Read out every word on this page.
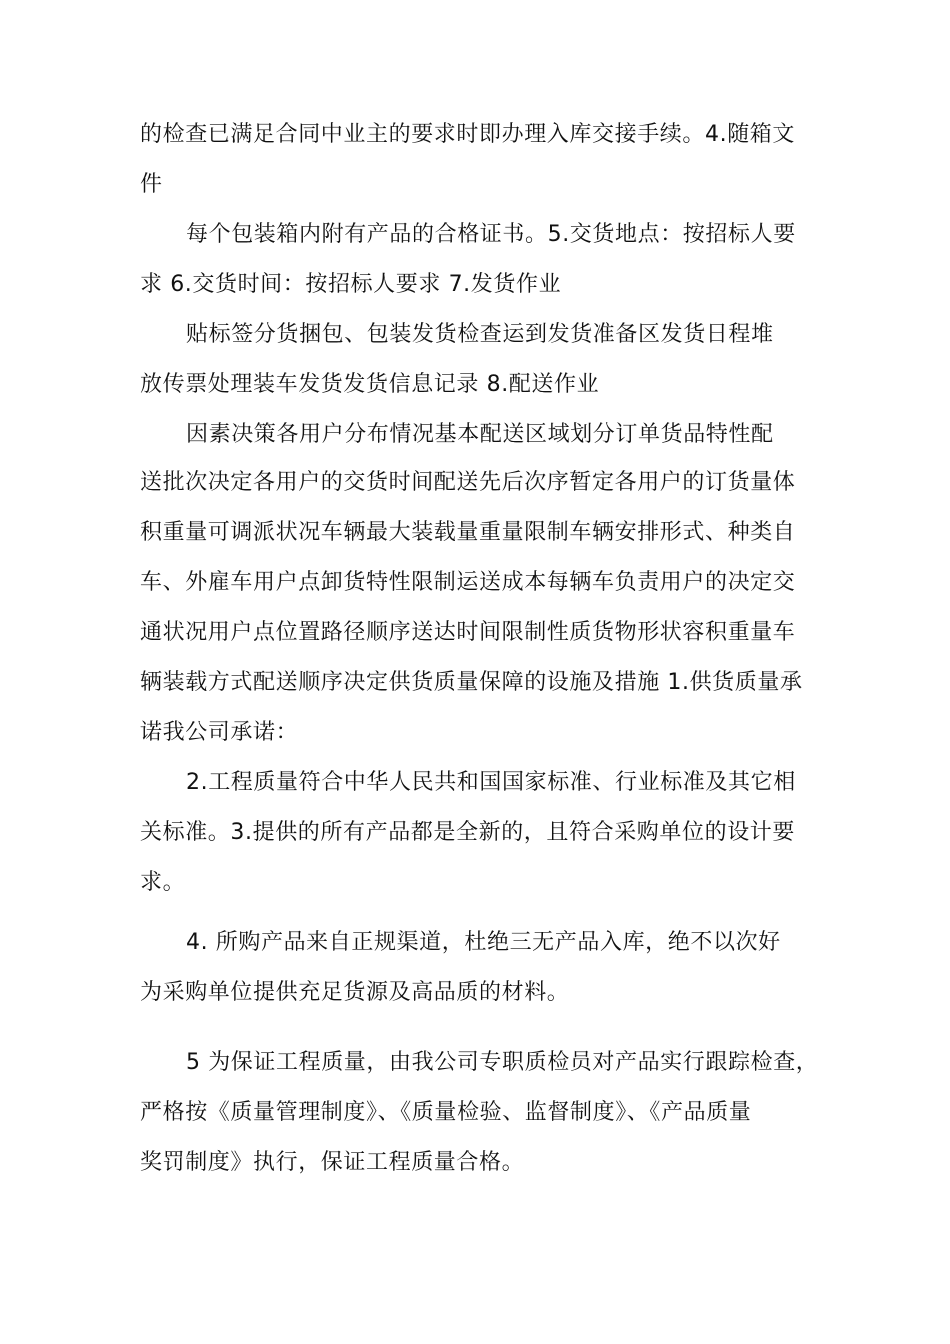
的检查已满足合同中业主的要求时即办理入库交接手续。4.随箱文
件
每个包装箱内附有产品的合格证书。5.交货地点：按招标人要
求 6.交货时间：按招标人要求 7.发货作业
贴标签分货捆包、包装发货检查运到发货准备区发货日程堆
放传票处理装车发货发货信息记录 8.配送作业
因素决策各用户分布情况基本配送区域划分订单货品特性配
送批次决定各用户的交货时间配送先后次序暂定各用户的订货量体
积重量可调派状况车辆最大装载量重量限制车辆安排形式、种类自
车、外雇车用户点卸货特性限制运送成本每辆车负责用户的决定交
通状况用户点位置路径顺序送达时间限制性质货物形状容积重量车
辆装载方式配送顺序决定供货质量保障的设施及措施 1.供货质量承
诺我公司承诺：
2.工程质量符合中华人民共和国国家标准、行业标准及其它相
关标准。3.提供的所有产品都是全新的，且符合采购单位的设计要
求。
4. 所购产品来自正规渠道，杜绝三无产品入库，绝不以次好
为采购单位提供充足货源及高品质的材料。
5 为保证工程质量，由我公司专职质检员对产品实行跟踪检查，
严格按《质量管理制度》、《质量检验、监督制度》、《产品质量
奖罚制度》执行，保证工程质量合格。
